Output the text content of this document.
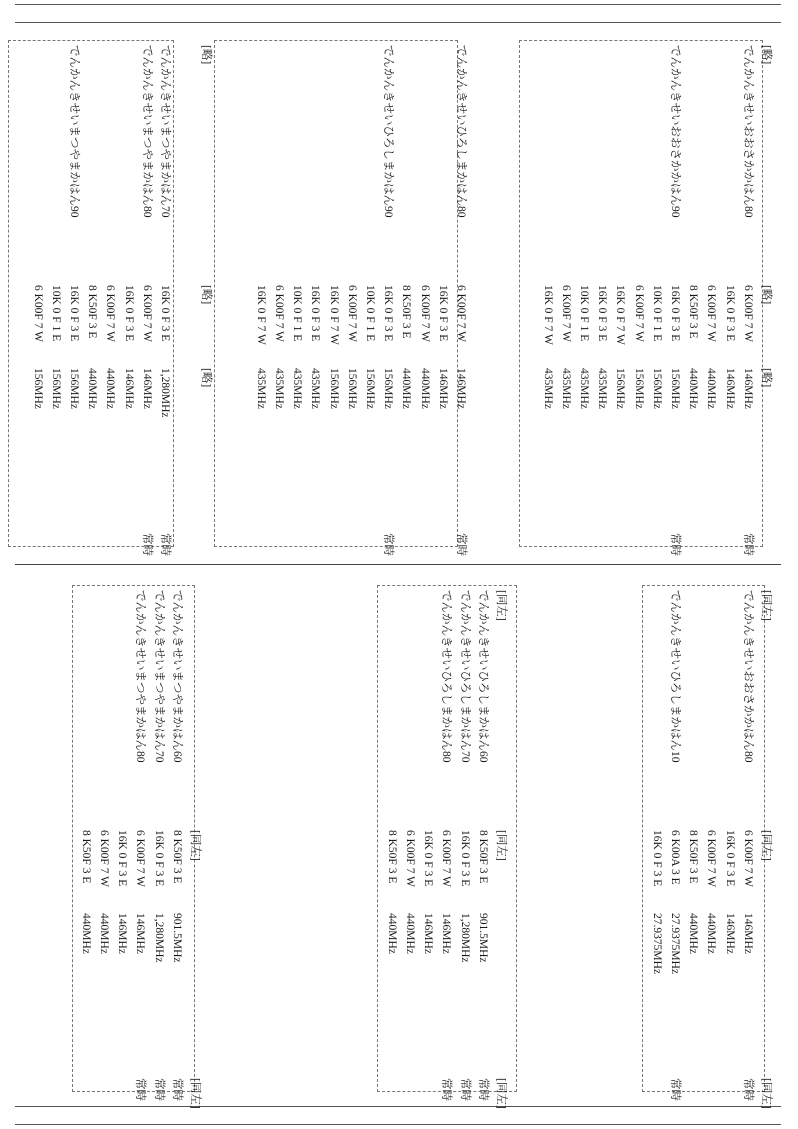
[略]
[略]
[略]
でんかんきせいおおさかかはん80
6 K00F 7 W
146MHz
16K 0 F 3 E
146MHz
6 K00F 7 W
440MHz
8 K50F 3 E
440MHz
常時
でんかんきせいおおさかかはん90
16K 0 F 3 E
156MHz
10K 0 F 1 E
156MHz
6 K00F 7 W
156MHz
16K 0 F 7 W
156MHz
16K 0 F 3 E
435MHz
10K 0 F 1 E
435MHz
6 K00F 7 W
435MHz
16K 0 F 7 W
435MHz
常時
[略]
[略]
[略]
でんかんきせいひろしまかはん80
6 K00F 7 W
146MHz
16K 0 F 3 E
146MHz
6 K00F 7 W
440MHz
8 K50F 3 E
440MHz
常時
でんかんきせいひろしまかはん90
16K 0 F 3 E
156MHz
10K 0 F 1 E
156MHz
6 K00F 7 W
156MHz
16K 0 F 7 W
156MHz
16K 0 F 3 E
435MHz
10K 0 F 1 E
435MHz
6 K00F 7 W
435MHz
16K 0 F 7 W
435MHz
常時
でんかんきせいまつやまかはん70
16K 0 F 3 E
1,280MHz
常時
でんかんきせいまつやまかはん80
6 K00F 7 W
146MHz
16K 0 F 3 E
146MHz
6 K00F 7 W
440MHz
8 K50F 3 E
440MHz
常時
でんかんきせいまつやまかはん90
16K 0 F 3 E
156MHz
10K 0 F 1 E
156MHz
6 K00F 7 W
156MHz
[同左]
[同左]
[同左]
でんかんきせいおおさかかはん80
6 K00F 7 W
146MHz
16K 0 F 3 E
146MHz
6 K00F 7 W
440MHz
8 K50F 3 E
440MHz
常時
でんかんきせいひろしまかはん10
6 K00A 3 E
27.9375MHz
16K 0 F 3 E
27.9375MHz
常時
[同左]
[同左]
[同左]
でんかんきせいひろしまかはん60
8 K50F 3 E
901.5MHz
常時
でんかんきせいひろしまかはん70
16K 0 F 3 E
1,280MHz
常時
でんかんきせいひろしまかはん80
6 K00F 7 W
146MHz
16K 0 F 3 E
146MHz
6 K00F 7 W
440MHz
8 K50F 3 E
440MHz
常時
[同左]
[同左]
でんかんきせいまつやまかはん60
8 K50F 3 E
901.5MHz
常時
でんかんきせいまつやまかはん70
16K 0 F 3 E
1,280MHz
常時
でんかんきせいまつやまかはん80
6 K00F 7 W
146MHz
16K 0 F 3 E
146MHz
6 K00F 7 W
440MHz
8 K50F 3 E
440MHz
常時
